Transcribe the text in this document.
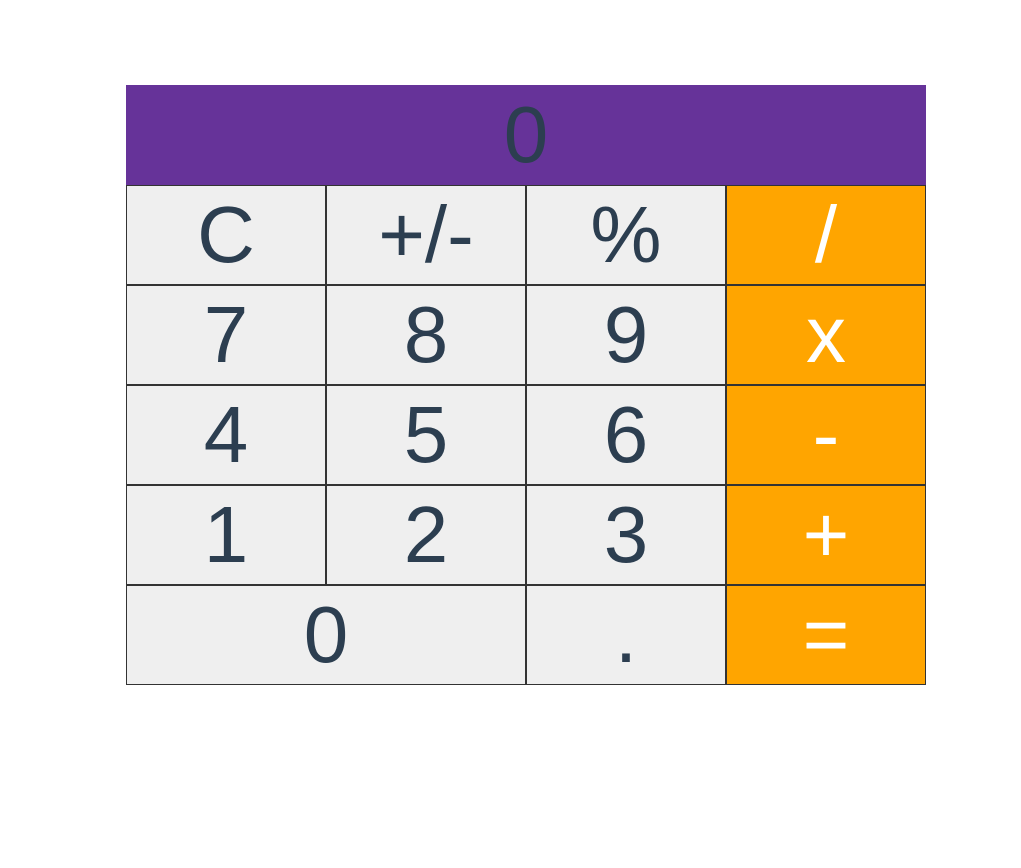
0
C	+/-	%	/
7	8	9	x
4	5	6	-
1	2	3	+
0	.	=
